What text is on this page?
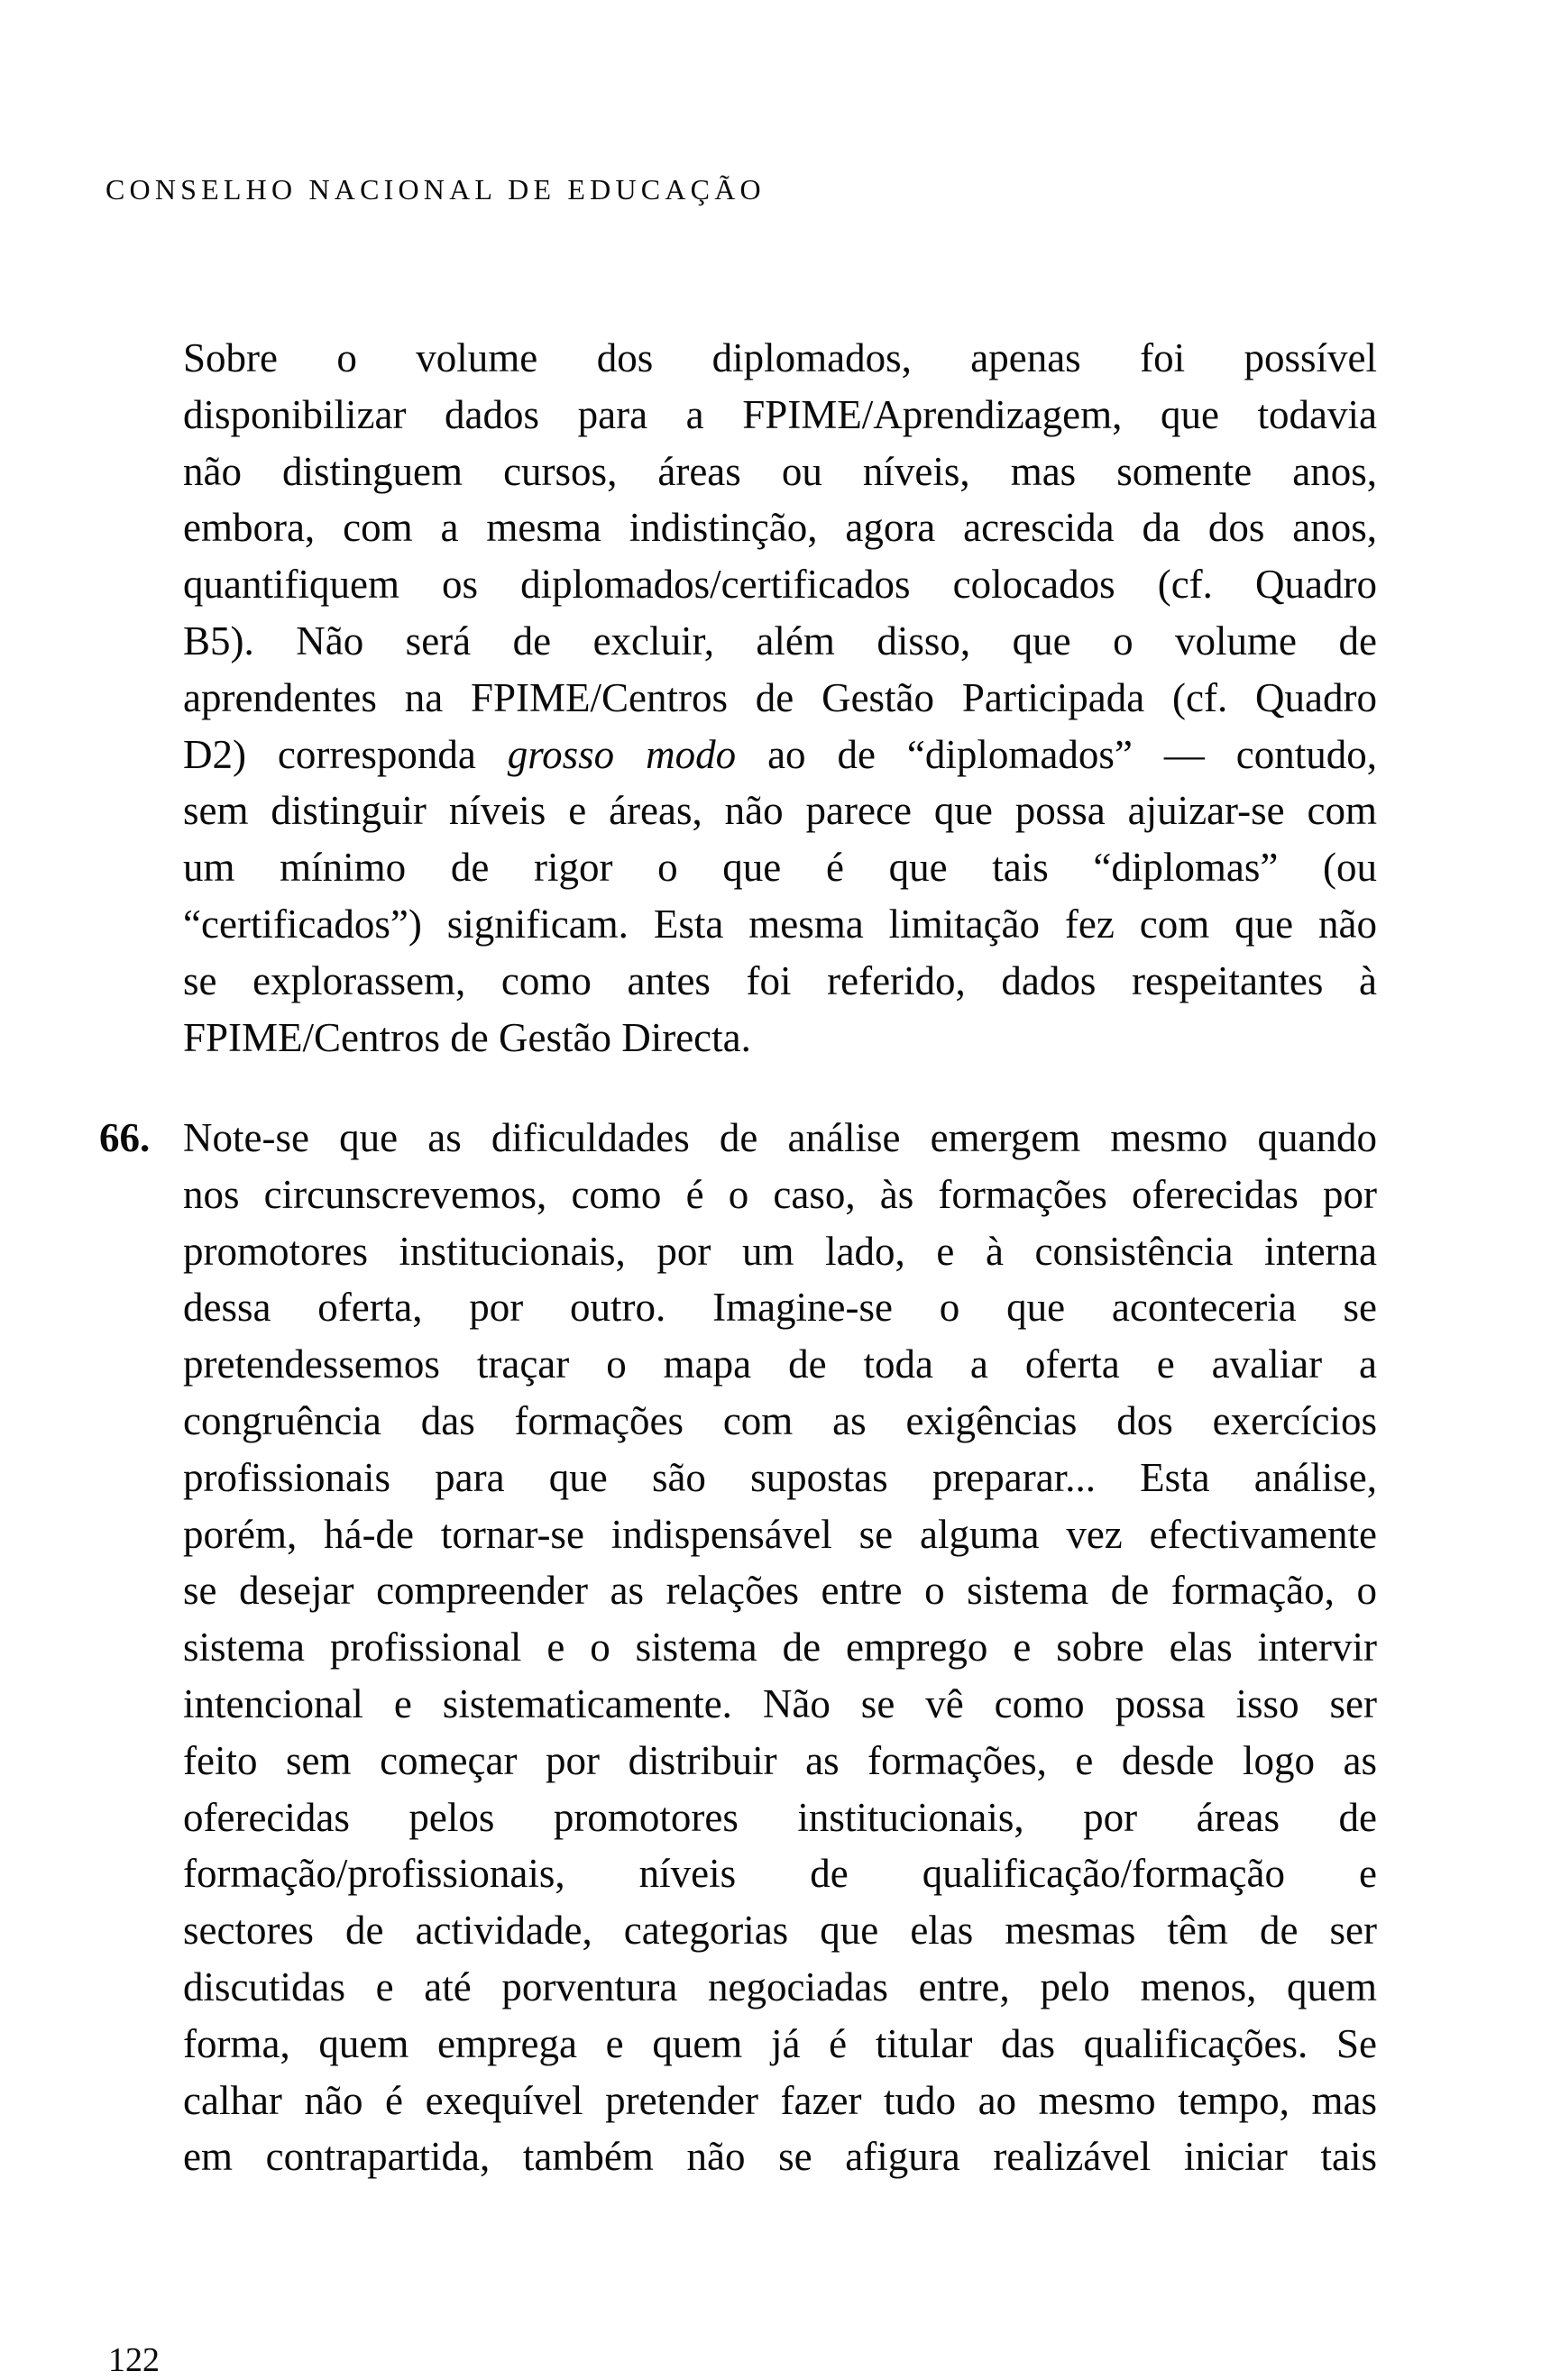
CONSELHO NACIONAL DE EDUCAÇÃO
Sobre o volume dos diplomados, apenas foi possível
disponibilizar dados para a FPIME/Aprendizagem, que todavia
não distinguem cursos, áreas ou níveis, mas somente anos,
embora, com a mesma indistinção, agora acrescida da dos anos,
quantifiquem os diplomados/certificados colocados (cf. Quadro
B5). Não será de excluir, além disso, que o volume de
aprendentes na FPIME/Centros de Gestão Participada (cf. Quadro
D2) corresponda grosso modo ao de “diplomados” — contudo,
sem distinguir níveis e áreas, não parece que possa ajuizar-se com
um mínimo de rigor o que é que tais “diplomas” (ou
“certificados”) significam. Esta mesma limitação fez com que não
se explorassem, como antes foi referido, dados respeitantes à
FPIME/Centros de Gestão Directa.
66. Note-se que as dificuldades de análise emergem mesmo quando
nos circunscrevemos, como é o caso, às formações oferecidas por
promotores institucionais, por um lado, e à consistência interna
dessa oferta, por outro. Imagine-se o que aconteceria se
pretendessemos traçar o mapa de toda a oferta e avaliar a
congruência das formações com as exigências dos exercícios
profissionais para que são supostas preparar... Esta análise,
porém, há-de tornar-se indispensável se alguma vez efectivamente
se desejar compreender as relações entre o sistema de formação, o
sistema profissional e o sistema de emprego e sobre elas intervir
intencional e sistematicamente. Não se vê como possa isso ser
feito sem começar por distribuir as formações, e desde logo as
oferecidas pelos promotores institucionais, por áreas de
formação/profissionais, níveis de qualificação/formação e
sectores de actividade, categorias que elas mesmas têm de ser
discutidas e até porventura negociadas entre, pelo menos, quem
forma, quem emprega e quem já é titular das qualificações. Se
calhar não é exequível pretender fazer tudo ao mesmo tempo, mas
em contrapartida, também não se afigura realizável iniciar tais
122
